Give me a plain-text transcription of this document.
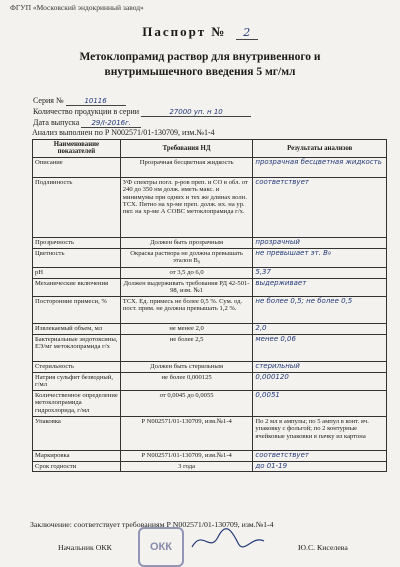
ФГУП «Московский эндокринный завод»
Паспорт № 2
Метоклопрамид раствор для внутривенного и
внутримышечного введения 5 мг/мл
Серия №	10116
Количество продукции в серии	27000 уп. н 10
Дата выпуска 29/I-2016г.
Анализ выполнен по Р N002571/01-130709, изм.№1-4
Наименование показателей	Требования НД	Результаты анализов
Описание	Прозрачная бесцветная жидкость	прозрачная бесцветная жидкость
Подлинность	УФ спектры погл. р-ров преп. и СО в обл. от 240 до 350 нм долж. иметь макс. и минимумы при одних и тех же длинах волн. ТСХ. Пятно на хр-ме преп. долж. их. на ур. пкт. на хр-ме А СОВС метоклопрамида г/х.	соответствует
Прозрачность	Должен быть прозрачным	прозрачный
Цветность	Окраска раствора не должна превышать эталон B₉	не превышает эт. B₉
pH	от 3,5 до 6,0	5,37
Механические включения	Должен выдерживать требования РД 42-501-98, изм. №1	выдерживает
Посторонние примеси, %	ТСХ. Ед. примесь не более 0,5 %. Сум. од. пост. прим. не должна превышать 1,2 %.	не более 0,5; не более 0,5
Извлекаемый объем, мл	не менее 2,0	2,0
Бактериальные эндотоксины, ЕЭ/мг метоклопрамида г/х	не более 2,5	менее 0,06
Стерильность	Должен быть стерильным	стерильный
Натрия сульфит безводный, г/мл	не более 0,000125	0,000120
Количественное определение метоклопрамида гидрохлорида, г/мл	от 0,0045 до 0,0055	0,0051
Упаковка	Р N002571/01-130709, изм.№1-4	По 2 мл в ампулы; по 5 ампул в конт. яч. упаковку с фольгой; по 2 контурные ячейковые упаковки в пачку из картона
Маркировка	Р N002571/01-130709, изм.№1-4	соответствует
Срок годности	3 года	до 01-19
Заключение: соответствует требованиям Р N002571/01-130709, изм.№1-4
Начальник ОКК	ОКК	Ю.С. Киселева
